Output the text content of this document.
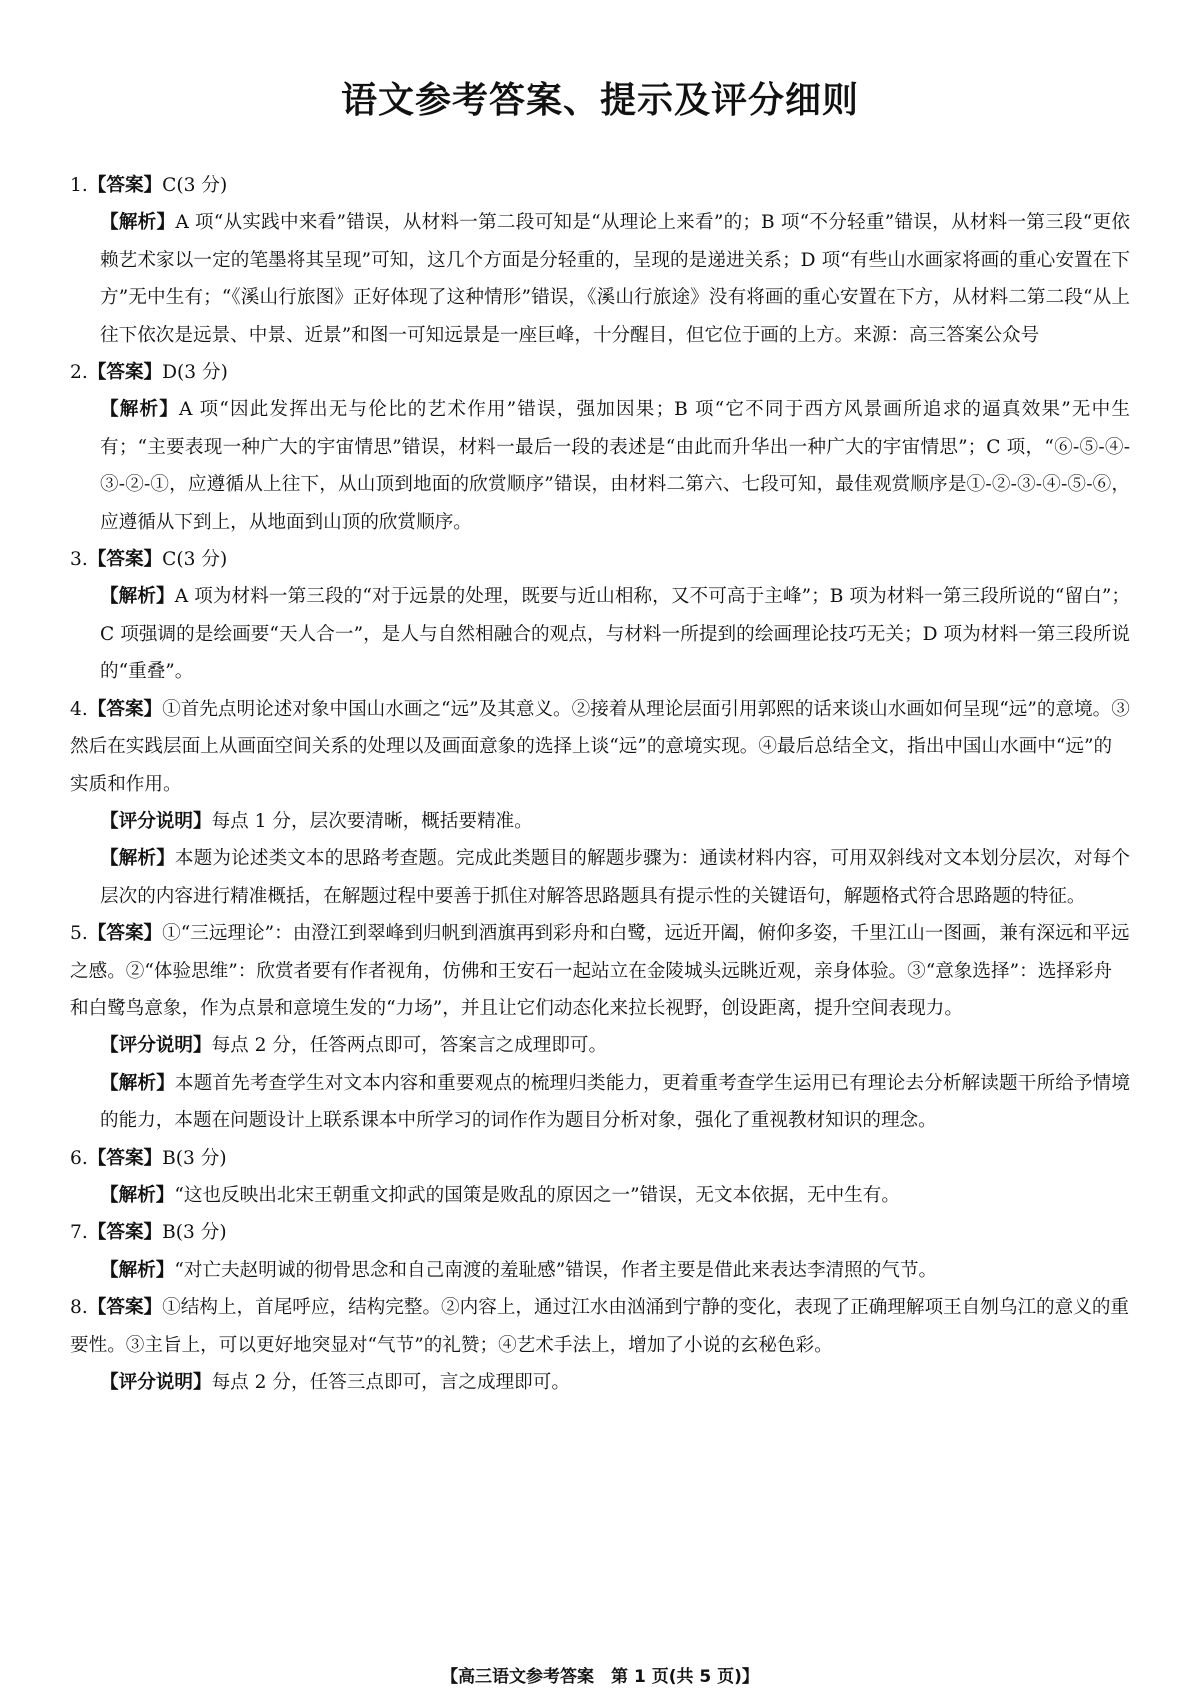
语文参考答案、提示及评分细则

1.【答案】C(3 分)

【解析】A 项“从实践中来看”错误，从材料一第二段可知是“从理论上来看”的；B 项“不分轻重”错误，从材料一第三段“更依赖艺术家以一定的笔墨将其呈现”可知，这几个方面是分轻重的，呈现的是递进关系；D 项“有些山水画家将画的重心安置在下方”无中生有；“《溪山行旅图》正好体现了这种情形”错误，《溪山行旅途》没有将画的重心安置在下方，从材料二第二段“从上往下依次是远景、中景、近景”和图一可知远景是一座巨峰，十分醒目，但它位于画的上方。来源：高三答案公众号

2.【答案】D(3 分)

【解析】A 项“因此发挥出无与伦比的艺术作用”错误，强加因果；B 项“它不同于西方风景画所追求的逼真效果”无中生有；“主要表现一种广大的宇宙情思”错误，材料一最后一段的表述是“由此而升华出一种广大的宇宙情思”；C 项，“⑥-⑤-④-③-②-①，应遵循从上往下，从山顶到地面的欣赏顺序”错误，由材料二第六、七段可知，最佳观赏顺序是①-②-③-④-⑤-⑥，应遵循从下到上，从地面到山顶的欣赏顺序。

3.【答案】C(3 分)

【解析】A 项为材料一第三段的“对于远景的处理，既要与近山相称，又不可高于主峰”；B 项为材料一第三段所说的“留白”；C 项强调的是绘画要“天人合一”，是人与自然相融合的观点，与材料一所提到的绘画理论技巧无关；D 项为材料一第三段所说的“重叠”。

4.【答案】①首先点明论述对象中国山水画之“远”及其意义。②接着从理论层面引用郭熙的话来谈山水画如何呈现“远”的意境。③然后在实践层面上从画面空间关系的处理以及画面意象的选择上谈“远”的意境实现。④最后总结全文，指出中国山水画中“远”的实质和作用。

【评分说明】每点 1 分，层次要清晰，概括要精准。

【解析】本题为论述类文本的思路考查题。完成此类题目的解题步骤为：通读材料内容，可用双斜线对文本划分层次，对每个层次的内容进行精准概括，在解题过程中要善于抓住对解答思路题具有提示性的关键语句，解题格式符合思路题的特征。

5.【答案】①“三远理论”：由澄江到翠峰到归帆到酒旗再到彩舟和白鹭，远近开阖，俯仰多姿，千里江山一图画，兼有深远和平远之感。②“体验思维”：欣赏者要有作者视角，仿佛和王安石一起站立在金陵城头远眺近观，亲身体验。③“意象选择”：选择彩舟和白鹭鸟意象，作为点景和意境生发的“力场”，并且让它们动态化来拉长视野，创设距离，提升空间表现力。

【评分说明】每点 2 分，任答两点即可，答案言之成理即可。

【解析】本题首先考查学生对文本内容和重要观点的梳理归类能力，更着重考查学生运用已有理论去分析解读题干所给予情境的能力，本题在问题设计上联系课本中所学习的词作作为题目分析对象，强化了重视教材知识的理念。

6.【答案】B(3 分)

【解析】“这也反映出北宋王朝重文抑武的国策是败乱的原因之一”错误，无文本依据，无中生有。

7.【答案】B(3 分)

【解析】“对亡夫赵明诚的彻骨思念和自己南渡的羞耻感”错误，作者主要是借此来表达李清照的气节。

8.【答案】①结构上，首尾呼应，结构完整。②内容上，通过江水由汹涌到宁静的变化，表现了正确理解项王自刎乌江的意义的重要性。③主旨上，可以更好地突显对“气节”的礼赞；④艺术手法上，增加了小说的玄秘色彩。

【评分说明】每点 2 分，任答三点即可，言之成理即可。

【高三语文参考答案　第 1 页(共 5 页)】
